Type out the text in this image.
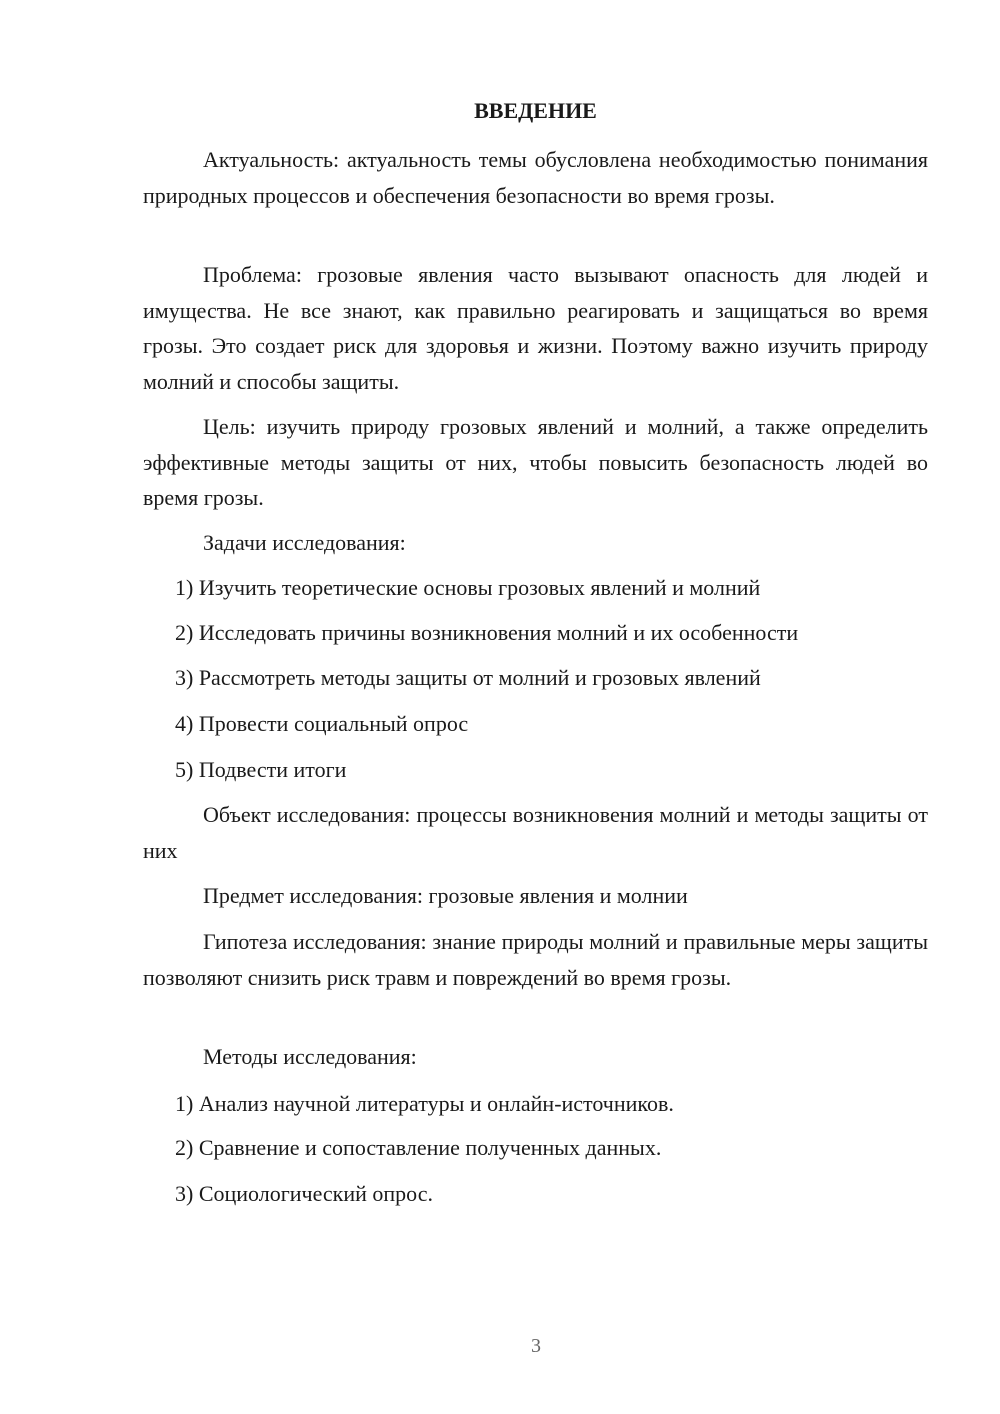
ВВЕДЕНИЕ
Актуальность: актуальность темы обусловлена необходимостью понимания природных процессов и обеспечения безопасности во время грозы.
Проблема: грозовые явления часто вызывают опасность для людей и имущества. Не все знают, как правильно реагировать и защищаться во время грозы. Это создает риск для здоровья и жизни. Поэтому важно изучить природу молний и способы защиты.
Цель: изучить природу грозовых явлений и молний, а также определить эффективные методы защиты от них, чтобы повысить безопасность людей во время грозы.
Задачи исследования:
1) Изучить теоретические основы грозовых явлений и молний
2) Исследовать причины возникновения молний и их особенности
3) Рассмотреть методы защиты от молний и грозовых явлений
4) Провести социальный опрос
5) Подвести итоги
Объект исследования: процессы возникновения молний и методы защиты от них
Предмет исследования: грозовые явления и молнии
Гипотеза исследования: знание природы молний и правильные меры защиты позволяют снизить риск травм и повреждений во время грозы.
Методы исследования:
1) Анализ научной литературы и онлайн-источников.
2) Сравнение и сопоставление полученных данных.
3) Социологический опрос.
3
